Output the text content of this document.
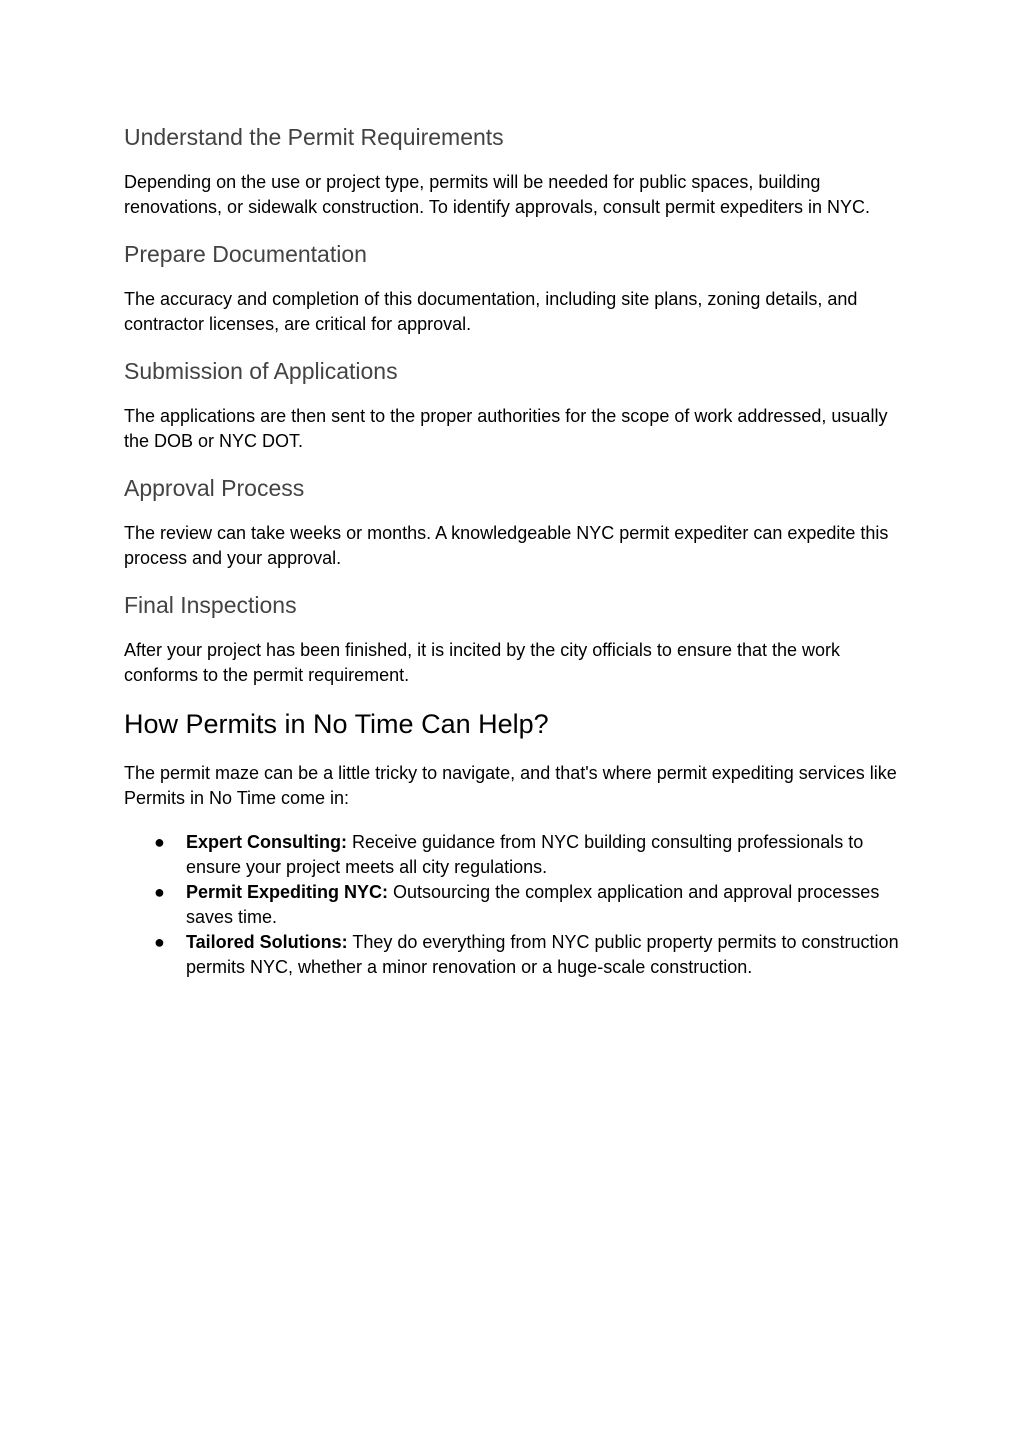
Understand the Permit Requirements

Depending on the use or project type, permits will be needed for public spaces, building renovations, or sidewalk construction. To identify approvals, consult permit expediters in NYC.

Prepare Documentation

The accuracy and completion of this documentation, including site plans, zoning details, and contractor licenses, are critical for approval.

Submission of Applications

The applications are then sent to the proper authorities for the scope of work addressed, usually the DOB or NYC DOT.

Approval Process

The review can take weeks or months. A knowledgeable NYC permit expediter can expedite this process and your approval.

Final Inspections

After your project has been finished, it is incited by the city officials to ensure that the work conforms to the permit requirement.

How Permits in No Time Can Help?

The permit maze can be a little tricky to navigate, and that's where permit expediting services like Permits in No Time come in:

● Expert Consulting: Receive guidance from NYC building consulting professionals to ensure your project meets all city regulations.
● Permit Expediting NYC: Outsourcing the complex application and approval processes saves time.
● Tailored Solutions: They do everything from NYC public property permits to construction permits NYC, whether a minor renovation or a huge-scale construction.
